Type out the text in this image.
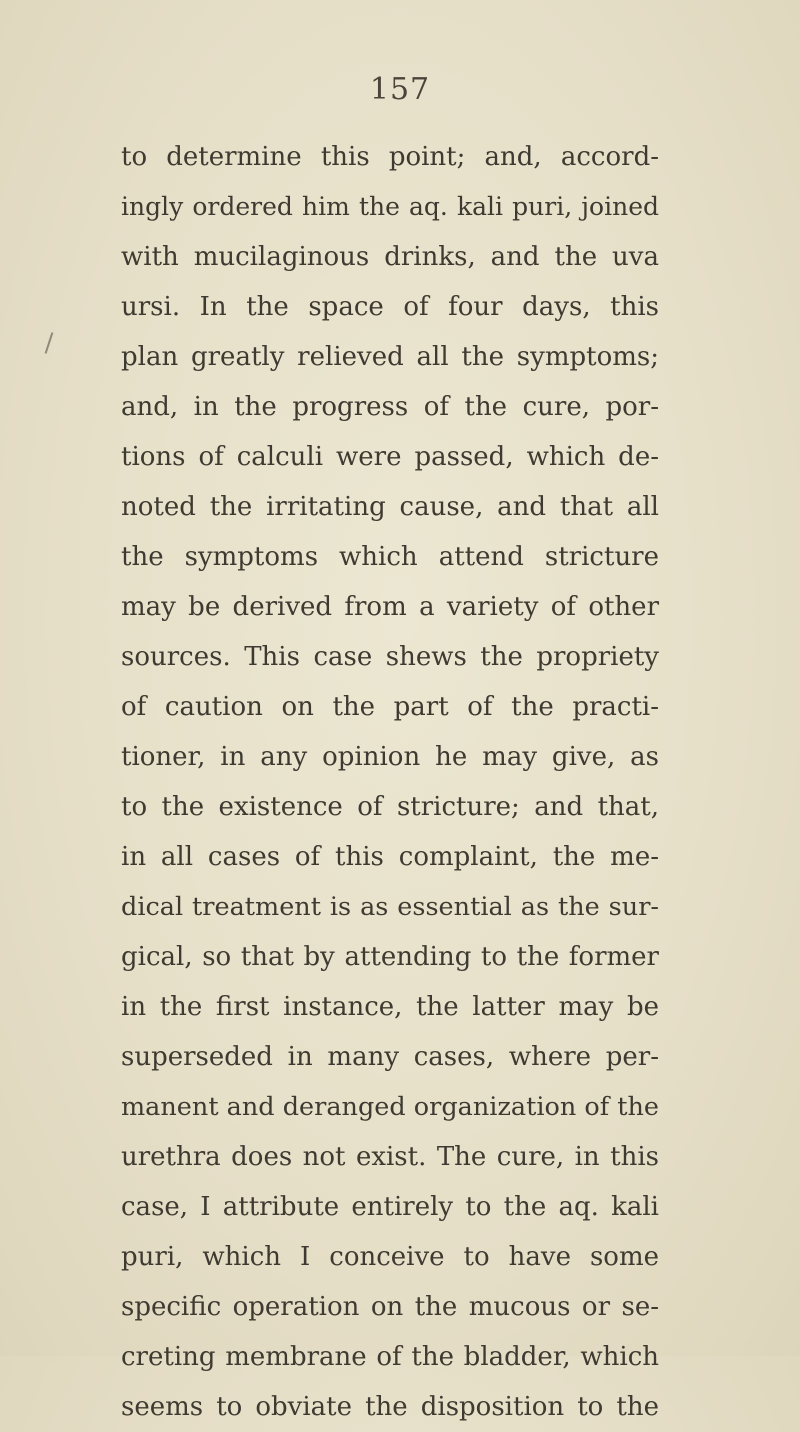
157
to determine this point; and, accord-
ingly ordered him the aq. kali puri, joined
with mucilaginous drinks, and the uva
ursi. In the space of four days, this
plan greatly relieved all the symptoms;
and, in the progress of the cure, por-
tions of calculi were passed, which de-
noted the irritating cause, and that all
the symptoms which attend stricture
may be derived from a variety of other
sources. This case shews the propriety
of caution on the part of the practi-
tioner, in any opinion he may give, as
to the existence of stricture; and that,
in all cases of this complaint, the me-
dical treatment is as essential as the sur-
gical, so that by attending to the former
in the first instance, the latter may be
superseded in many cases, where per-
manent and deranged organization of the
urethra does not exist. The cure, in this
case, I attribute entirely to the aq. kali
puri, which I conceive to have some
specific operation on the mucous or se-
creting membrane of the bladder, which
seems to obviate the disposition to the
